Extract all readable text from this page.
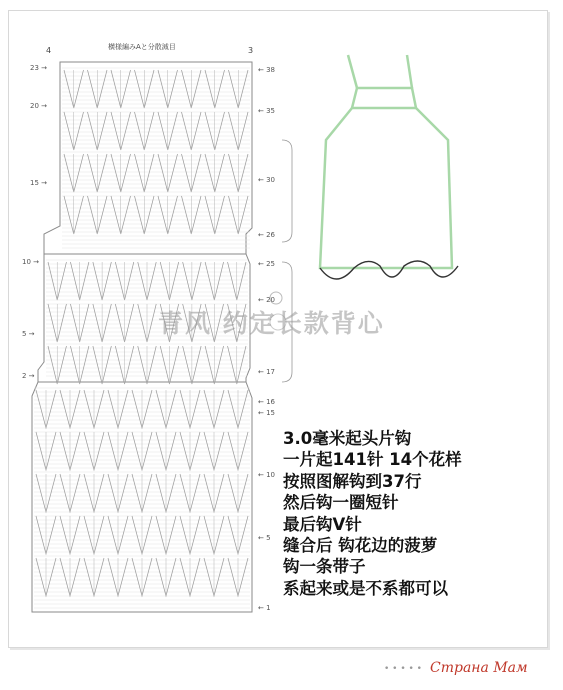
横様編みAと分散減目
4	3
23 →
20 →
15 →
10 →
5 →
2 →
← 38
← 35
← 30
← 26
← 25
← 20
← 17
← 16
← 15
← 10
← 5
← 1
青风 约定长款背心
3.0毫米起头片钩
一片起141针 14个花样
按照图解钩到37行
然后钩一圈短针
最后钩V针
缝合后 钩花边的菠萝
钩一条带子
系起来或是不系都可以
• • • • • Страна Мам
